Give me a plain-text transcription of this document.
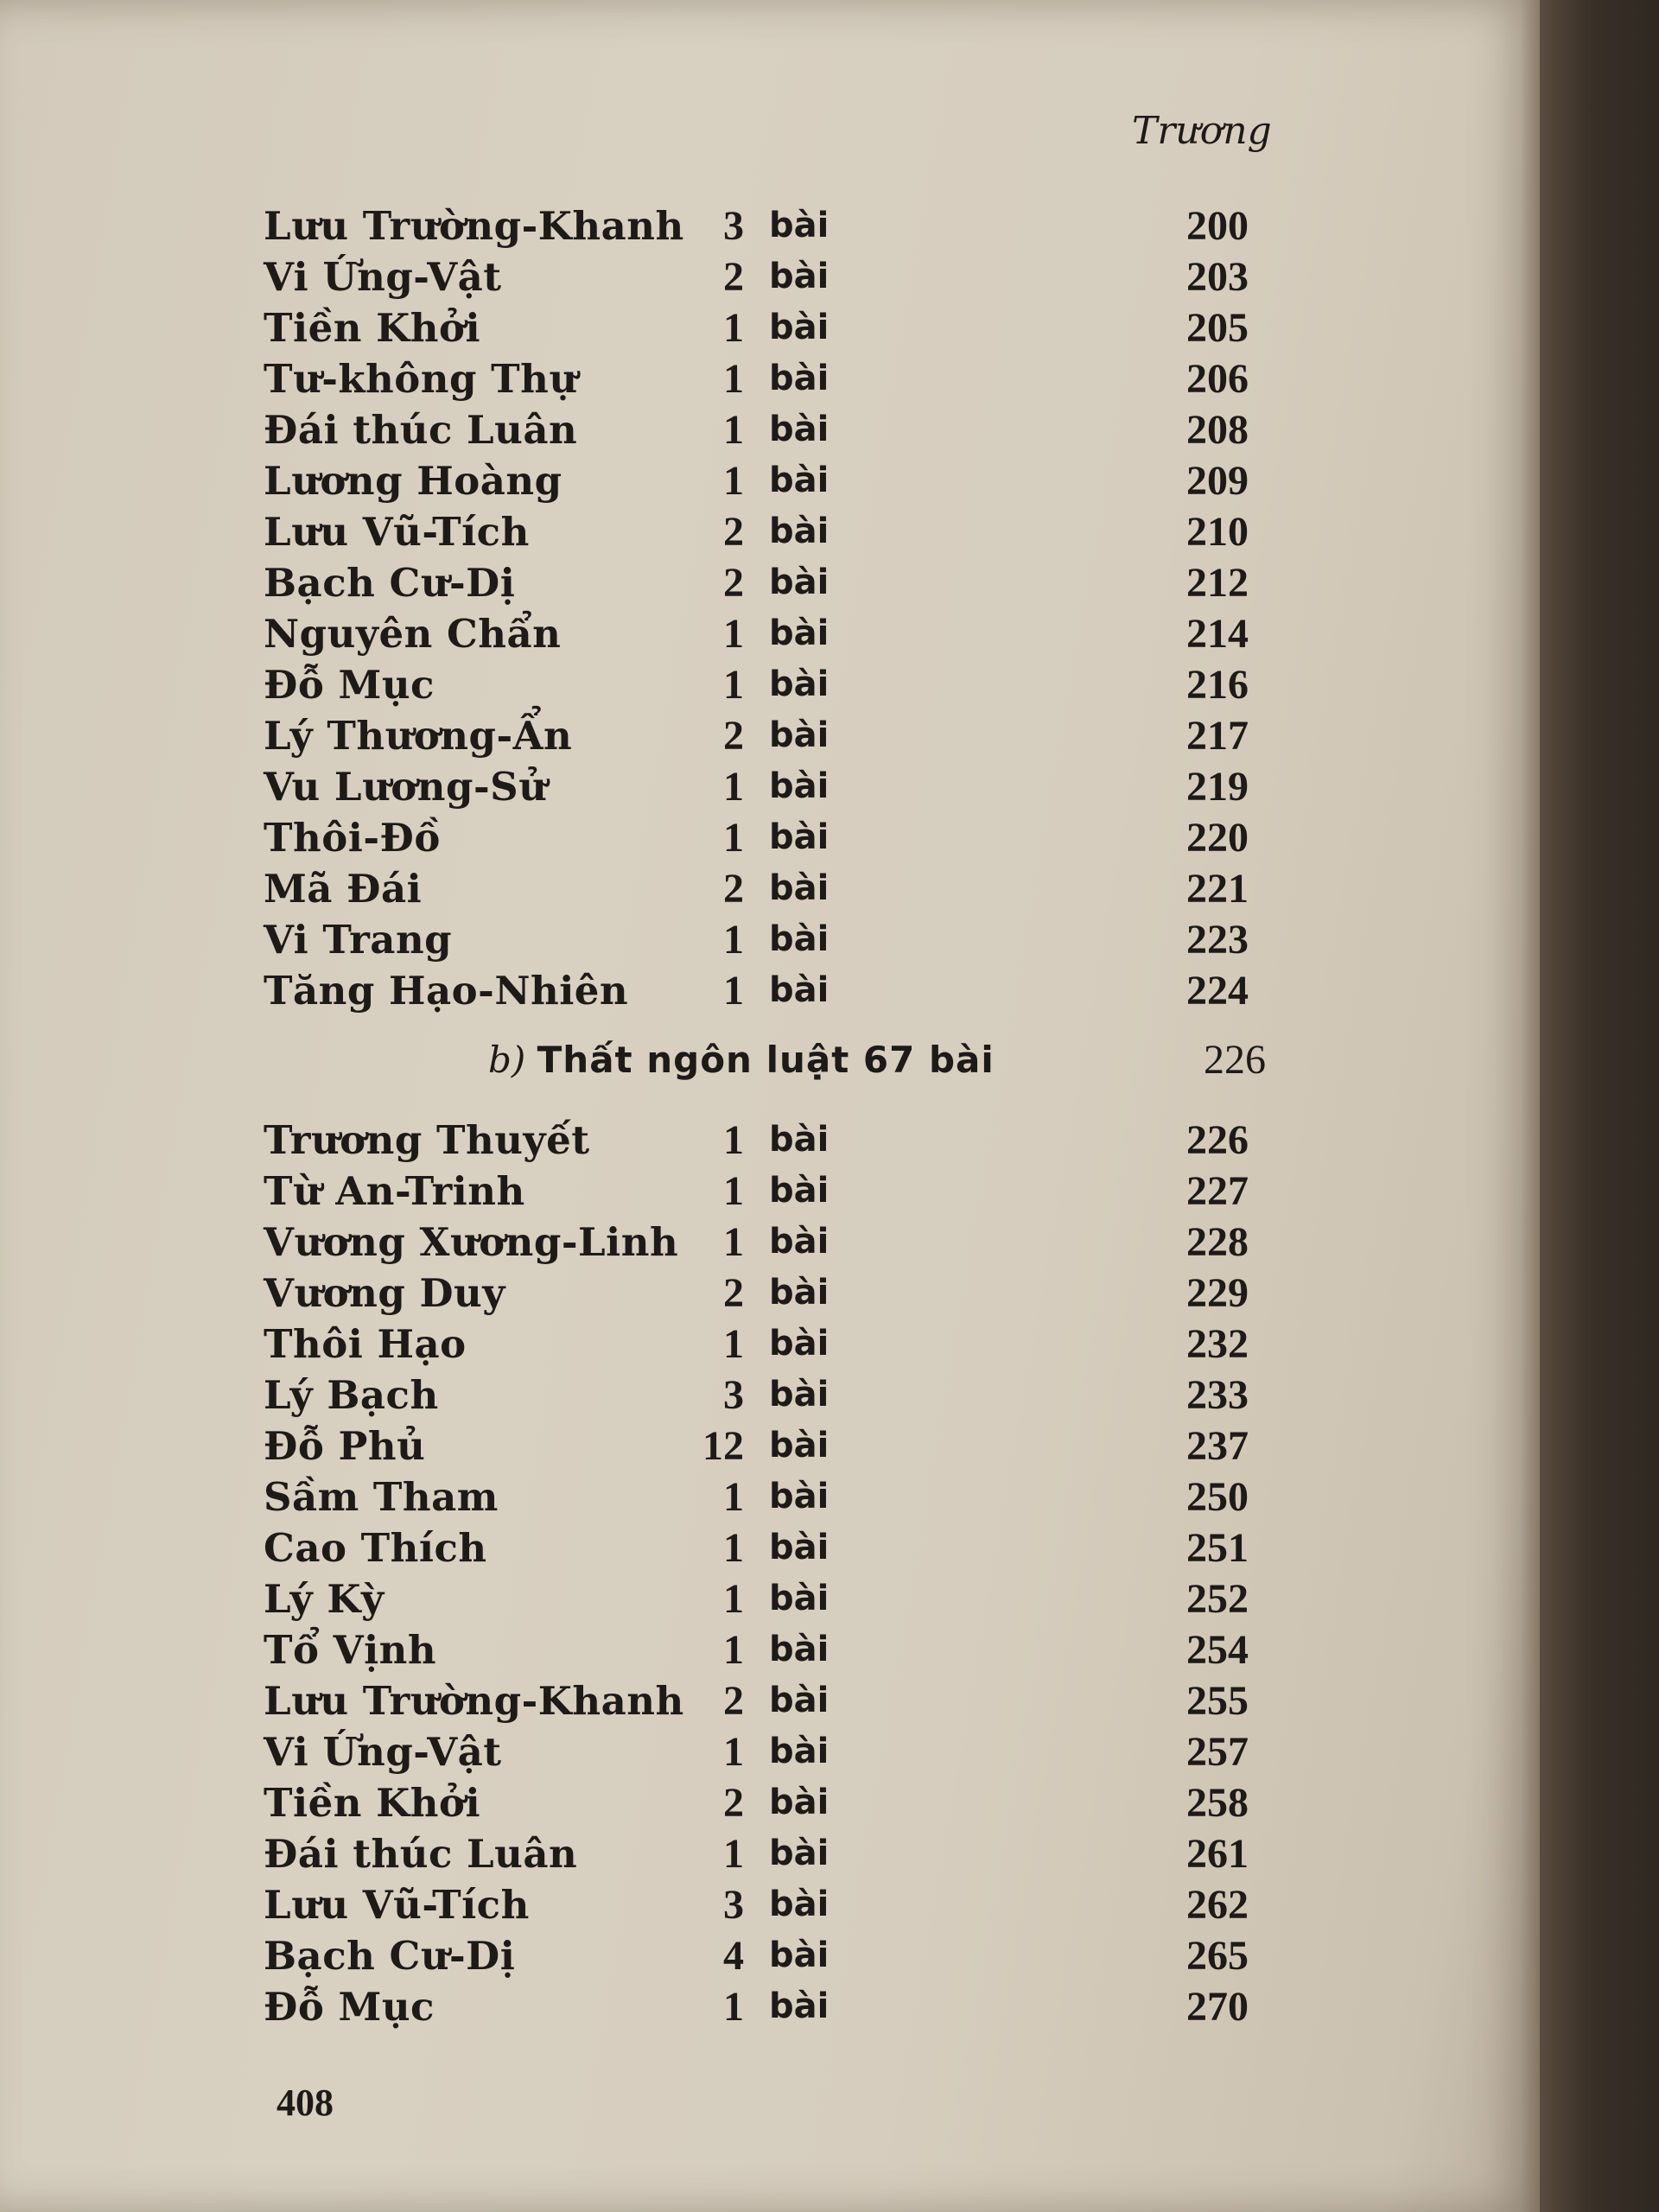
Trương
Lưu Trường-Khanh 3 bài	200
Vi Ứng-Vật	2 bài	203
Tiền Khởi	1 bài	205
Tư-không Thự	1 bài	206
Đái thúc Luân	1 bài	208
Lương Hoàng	1 bài	209
Lưu Vũ-Tích	2 bài	210
Bạch Cư-Dị	2 bài	212
Nguyên Chẩn	1 bài	214
Đỗ Mục	1 bài	216
Lý Thương-Ẩn	2 bài	217
Vu Lương-Sử	1 bài	219
Thôi-Đồ	1 bài	220
Mã Đái	2 bài	221
Vi Trang	1 bài	223
Tăng Hạo-Nhiên	1 bài	224
b) Thất ngôn luật 67 bài	226
Trương Thuyết	1 bài	226
Từ An-Trinh	1 bài	227
Vương Xương-Linh	1 bài	228
Vương Duy	2 bài	229
Thôi Hạo	1 bài	232
Lý Bạch	3 bài	233
Đỗ Phủ	12 bài	237
Sầm Tham	1 bài	250
Cao Thích	1 bài	251
Lý Kỳ	1 bài	252
Tổ Vịnh	1 bài	254
Lưu Trường-Khanh 2 bài	255
Vi Ứng-Vật	1 bài	257
Tiền Khởi	2 bài	258
Đái thúc Luân	1 bài	261
Lưu Vũ-Tích	3 bài	262
Bạch Cư-Dị	4 bài	265
Đỗ Mục	1 bài	270
408
